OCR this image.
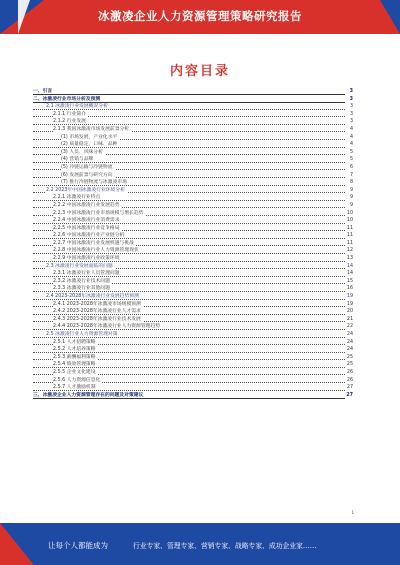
冰激凌企业人力资源管理策略研究报告
内容目录
一、引言	3
二、冰激凌行业市场分析及预测	3
2.1 冰激凌行业发展概况分析	3
2.1.1 行业简介	3
2.1.2 行业发展	3
2.1.3 我国冰激凌市场发展前景分析	4
(1) 市场发展，产业化水平	4
(2) 质量稳定，口味、品种	4
(3) 人员、风味分析	5
(4) 营销与品牌	5
(5) 冷链运输与冷链物流	6
(6) 发展前景与研究方向	7
(7) 推行冷链物流与冰激凌市场	8
2.2 2023年中国冰激凌行业环境分析	9
2.2.1 冰激凌行业特点	9
2.2.2 中国冰激凌行业发展趋势	9
2.2.3 中国冰激凌行业市场规模与增长趋势	10
2.2.4 中国冰激凌行业消费需求	10
2.2.5 中国冰激凌行业竞争格局	11
2.2.6 中国冰激凌行业产业链分析	11
2.2.7 中国冰激凌行业发展机遇与挑战	11
2.2.8 中国冰激凌行业人力资源管理现状	12
2.2.9 中国冰激凌行业政策环境	13
2.3 冰激凌行业发展面临的问题	14
2.3.1 冰激凌行业人员管理问题	14
2.3.2 冰激凌行业技术问题	15
2.3.3 冰激凌行业其他问题	16
2.4 2023-2028年冰激凌行业发展趋势预测	19
2.4.1 2023-2028年冰激凌市场规模预测	19
2.4.2 2023-2028年冰激凌行业人才需求	20
2.4.3 2023-2028年冰激凌行业技术发展	21
2.4.4 2023-2028年冰激凌行业人力资源管理趋势	22
2.5 冰激凌行业人力资源管理对策	24
2.5.1 人才招聘策略	24
2.5.2 人才培养策略	24
2.5.3 薪酬福利策略	25
2.5.4 绩效管理策略	25
2.5.5 企业文化建设	26
2.5.6 人力资源信息化	26
2.5.7 人才激励机制	27
三、冰激凌企业人力资源管理存在的问题及对策建议	27
1
让每个人都能成为	行业专家、管理专家、营销专家、战略专家、成功企业家……
